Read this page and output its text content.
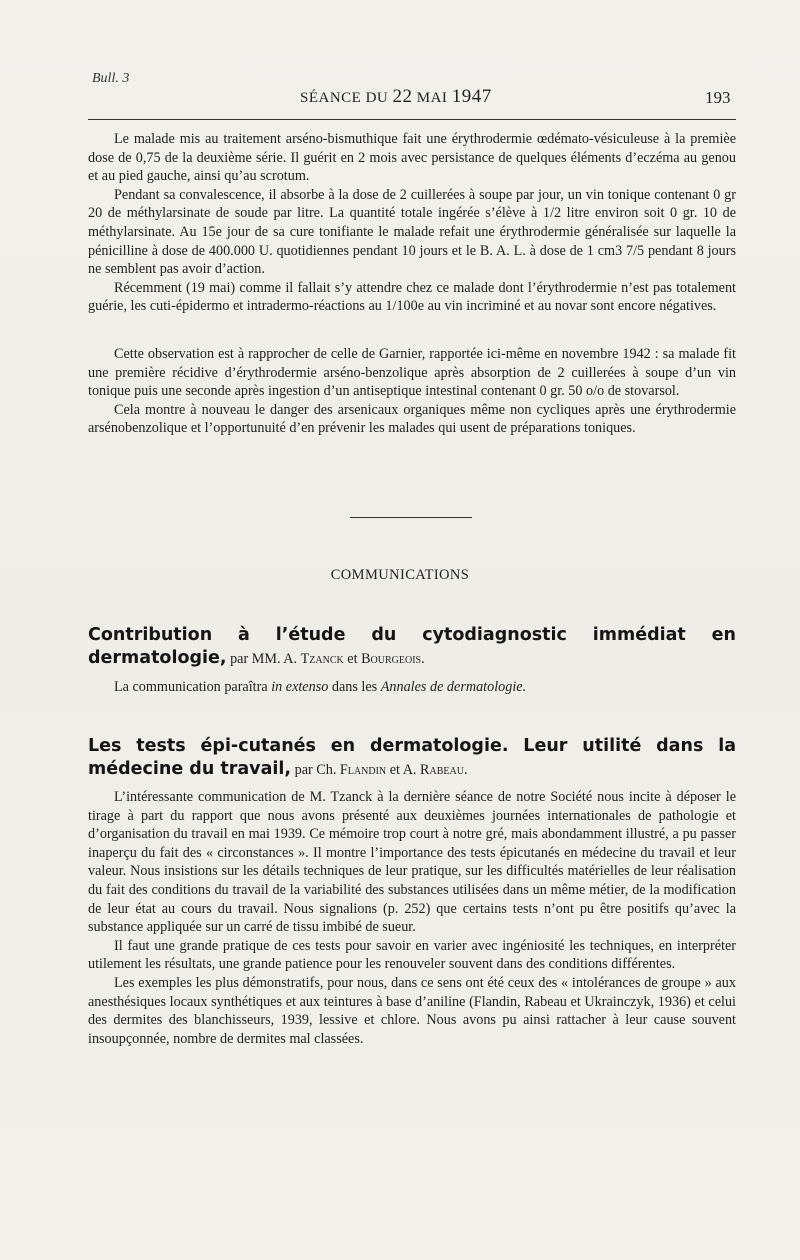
Bull. 3
SÉANCE DU 22 MAI 1947	193

Le malade mis au traitement arséno-bismuthique fait une érythrodermie œdémato-vésiculeuse à la premièe dose de 0,75 de la deuxième série. Il guérit en 2 mois avec persistance de quelques éléments d’eczéma au genou et au pied gauche, ainsi qu’au scrotum.

Pendant sa convalescence, il absorbe à la dose de 2 cuillerées à soupe par jour, un vin tonique contenant 0 gr 20 de méthylarsinate de soude par litre. La quantité totale ingérée s’élève à 1/2 litre environ soit 0 gr. 10 de méthylarsinate. Au 15e jour de sa cure tonifiante le malade refait une érythrodermie généralisée sur laquelle la pénicilline à dose de 400.000 U. quotidiennes pendant 10 jours et le B. A. L. à dose de 1 cm3 7/5 pendant 8 jours ne semblent pas avoir d’action.

Récemment (19 mai) comme il fallait s’y attendre chez ce malade dont l’érythrodermie n’est pas totalement guérie, les cuti-épidermo et intradermo-réactions au 1/100e au vin incriminé et au novar sont encore négatives.

Cette observation est à rapprocher de celle de Garnier, rapportée ici-même en novembre 1942 : sa malade fit une première récidive d’érythrodermie arséno-benzolique après absorption de 2 cuillerées à soupe d’un vin tonique puis une seconde après ingestion d’un antiseptique intestinal contenant 0 gr. 50 o/o de stovarsol.

Cela montre à nouveau le danger des arsenicaux organiques même non cycliques après une érythrodermie arsénobenzolique et l’opportunuité d’en prévenir les malades qui usent de préparations toniques.

COMMUNICATIONS
Contribution à l’étude du cytodiagnostic immédiat en dermatologie, par MM. A. Tzanck et Bourgeois.
La communication paraîtra in extenso dans les Annales de dermatologie.
Les tests épi-cutanés en dermatologie. Leur utilité dans la médecine du travail, par Ch. Flandin et A. Rabeau.

L’intéressante communication de M. Tzanck à la dernière séance de notre Société nous incite à déposer le tirage à part du rapport que nous avons présenté aux deuxièmes journées internationales de pathologie et d’organisation du travail en mai 1939. Ce mémoire trop court à notre gré, mais abondamment illustré, a pu passer inaperçu du fait des « circonstances ». Il montre l’importance des tests épicutanés en médecine du travail et leur valeur. Nous insistions sur les détails techniques de leur pratique, sur les difficultés matérielles de leur réalisation du fait des conditions du travail de la variabilité des substances utilisées dans un même métier, de la modification de leur état au cours du travail. Nous signalions (p. 252) que certains tests n’ont pu être positifs qu’avec la substance appliquée sur un carré de tissu imbibé de sueur.

Il faut une grande pratique de ces tests pour savoir en varier avec ingéniosité les techniques, en interpréter utilement les résultats, une grande patience pour les renouveler souvent dans des conditions différentes.

Les exemples les plus démonstratifs, pour nous, dans ce sens ont été ceux des « intolérances de groupe » aux anesthésiques locaux synthétiques et aux teintures à base d’aniline (Flandin, Rabeau et Ukrainczyk, 1936) et celui des dermites des blanchisseurs, 1939, lessive et chlore. Nous avons pu ainsi rattacher à leur cause souvent insoupçonnée, nombre de dermites mal classées.
